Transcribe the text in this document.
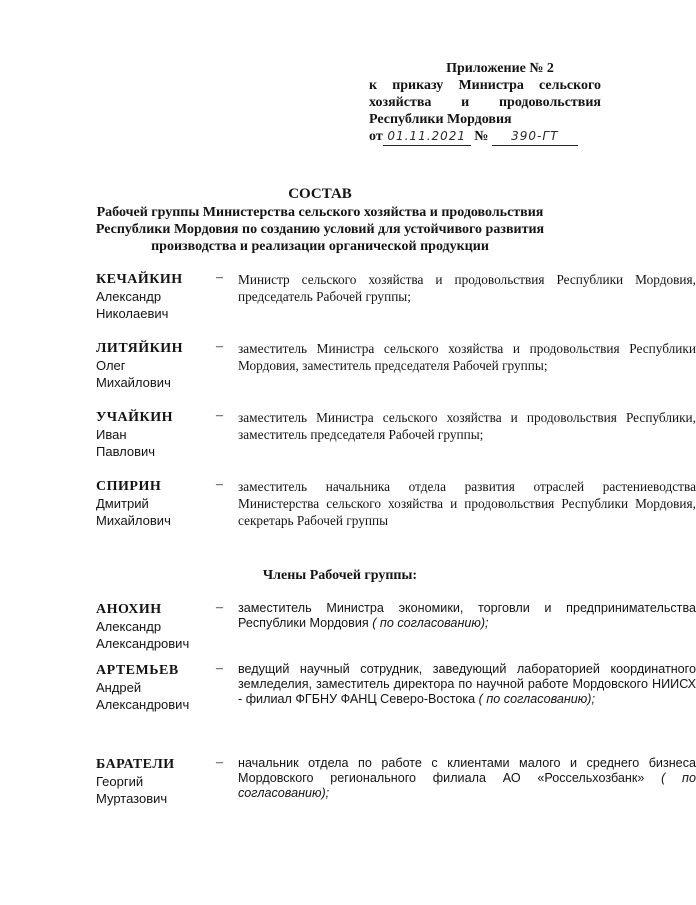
Приложение № 2
к приказу Министра сельского
хозяйства и продовольствия
Республики Мордовия
от 01.11.2021 № 390-ГТ
СОСТАВ
Рабочей группы Министерства сельского хозяйства и продовольствия
Республики Мордовия по созданию условий для устойчивого развития
производства и реализации органической продукции
КЕЧАЙКИН
Александр
Николаевич
– Министр сельского хозяйства и продовольствия Республики Мордовия, председатель Рабочей группы;
ЛИТЯЙКИН
Олег
Михайлович
– заместитель Министра сельского хозяйства и продовольствия Республики Мордовия, заместитель председателя Рабочей группы;
УЧАЙКИН
Иван
Павлович
– заместитель Министра сельского хозяйства и продовольствия Республики, заместитель председателя Рабочей группы;
СПИРИН
Дмитрий
Михайлович
– заместитель начальника отдела развития отраслей растениеводства Министерства сельского хозяйства и продовольствия Республики Мордовия, секретарь Рабочей группы
Члены Рабочей группы:
АНОХИН
Александр
Александрович
– заместитель Министра экономики, торговли и предпринимательства Республики Мордовия ( по согласованию);
АРТЕМЬЕВ
Андрей
Александрович
– ведущий научный сотрудник, заведующий лабораторией координатного земледелия, заместитель директора по научной работе Мордовского НИИСХ - филиал ФГБНУ ФАНЦ Северо-Востока ( по согласованию);
БАРАТЕЛИ
Георгий
Муртазович
– начальник отдела по работе с клиентами малого и среднего бизнеса Мордовского регионального филиала АО «Россельхозбанк» ( по согласованию);
